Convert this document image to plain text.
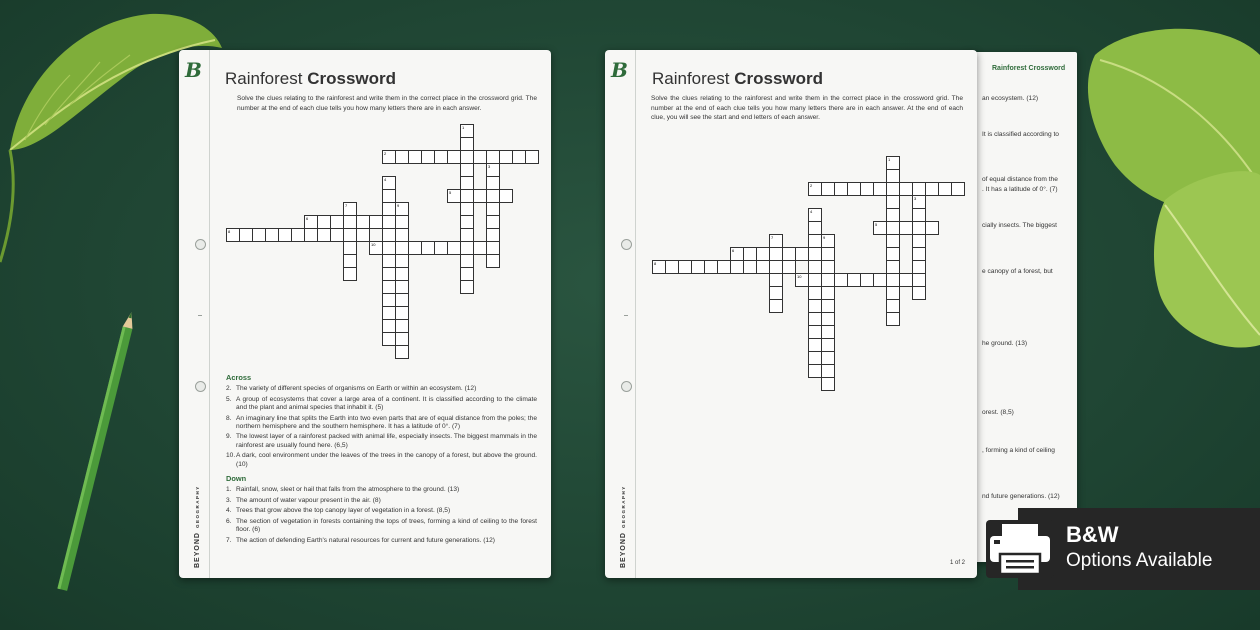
Rainforest Crossword
an ecosystem. (12)
It is classified according to
of equal distance from the
. It has a latitude of 0°. (7)
cially insects. The biggest
e canopy of a forest, but
he ground. (13)
orest. (8,5)
, forming a kind of ceiling
nd future generations. (12)
B
BEYONDGEOGRAPHY
Rainforest Crossword
Solve the clues relating to the rainforest and write them in the correct place in the crossword grid. The number at the end of each clue tells you how many letters there are in each answer.
1
2
4
3
5
6
7	9
8
10
Across
2. The variety of different species of organisms on Earth or within an ecosystem. (12)
5. A group of ecosystems that cover a large area of a continent. It is classified according to the climate and the plant and animal species that inhabit it. (5)
8. An imaginary line that splits the Earth into two even parts that are of equal distance from the poles; the northern hemisphere and the southern hemisphere. It has a latitude of 0°. (7)
9. The lowest layer of a rainforest packed with animal life, especially insects. The biggest mammals in the rainforest are usually found here. (6,5)
10. A dark, cool environment under the leaves of the trees in the canopy of a forest, but above the ground. (10)
Down
1. Rainfall, snow, sleet or hail that falls from the atmosphere to the ground. (13)
3. The amount of water vapour present in the air. (8)
4. Trees that grow above the top canopy layer of vegetation in a forest. (8,5)
6. The section of vegetation in forests containing the tops of trees, forming a kind of ceiling to the forest floor. (6)
7. The action of defending Earth's natural resources for current and future generations. (12)
B
BEYONDGEOGRAPHY
Rainforest Crossword
Solve the clues relating to the rainforest and write them in the correct place in the crossword grid. The number at the end of each clue tells you how many letters there are in each answer. At the end of each clue, you will see the start and end letters of each answer.
1
2
4
3
5
6
7	9
8
10
1 of 2
B&W
Options Available
